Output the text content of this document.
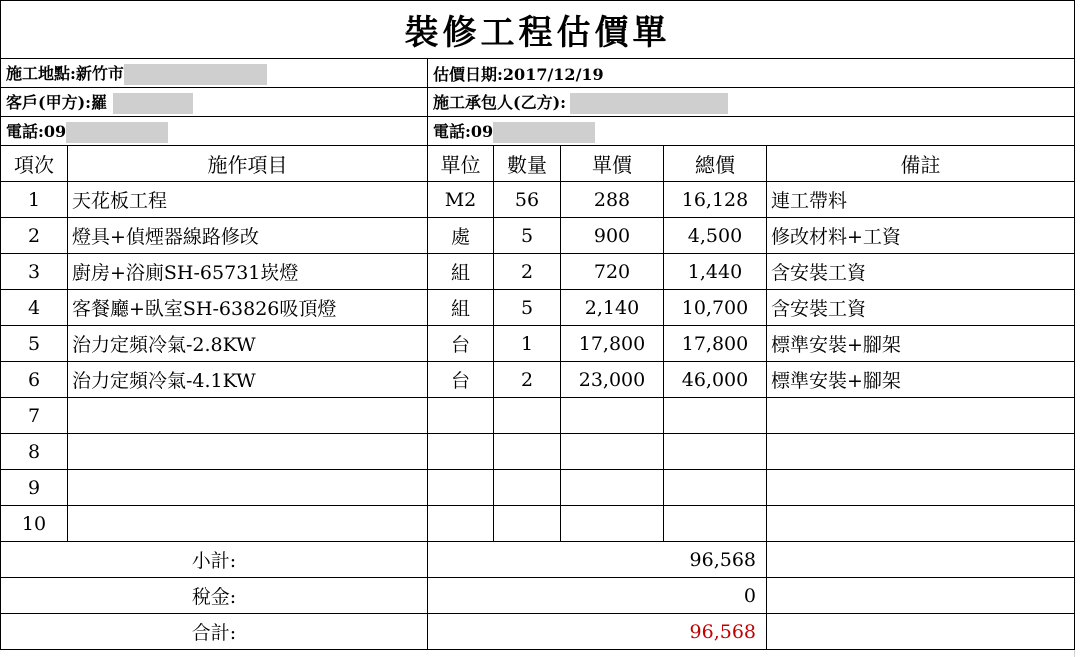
裝修工程估價單						
施工地點:新竹市		估價日期:2017/12/19				
客戶(甲方):羅		施工承包人(乙方):				
電話:09		電話:09				
項次	施作項目	單位	數量	單價	總價	備註
1	天花板工程	M2	56	288	16,128	連工帶料
2	燈具+偵煙器線路修改	處	5	900	4,500	修改材料+工資
3	廚房+浴廁SH-65731崁燈	組	2	720	1,440	含安裝工資
4	客餐廳+臥室SH-63826吸頂燈	組	5	2,140	10,700	含安裝工資
5	治力定頻冷氣-2.8KW	台	1	17,800	17,800	標準安裝+腳架
6	治力定頻冷氣-4.1KW	台	2	23,000	46,000	標準安裝+腳架
7						
8						
9						
10						
小計:		96,568				
稅金:		0				
合計:		96,568				
